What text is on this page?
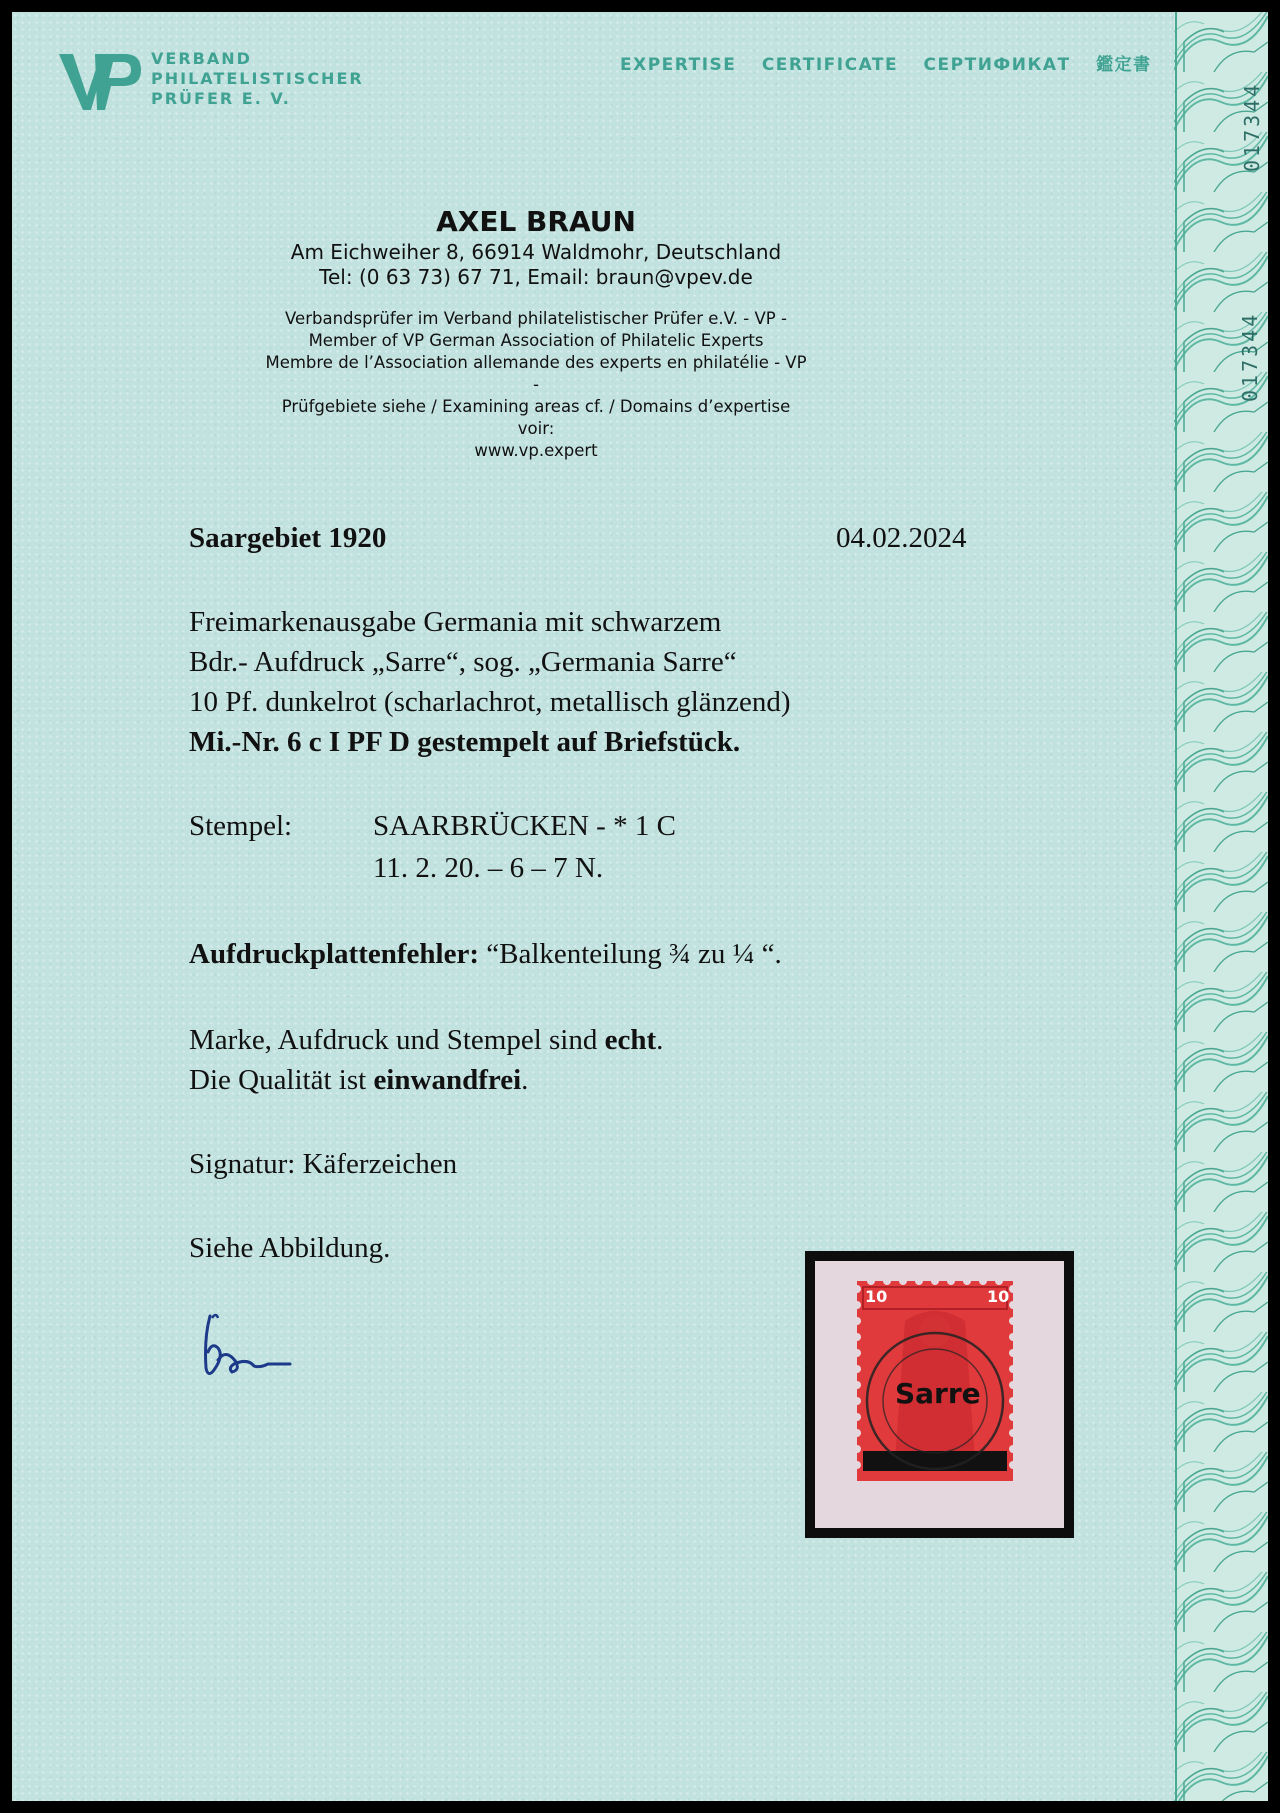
017344
017344
VERBAND
PHILATELISTISCHER
PRÜFER E. V.
EXPERTISE CERTIFICATE СЕРТИФИКАТ 鑑定書
AXEL BRAUN
Am Eichweiher 8, 66914 Waldmohr, Deutschland
Tel: (0 63 73) 67 71, Email: braun@vpev.de
Verbandsprüfer im Verband philatelistischer Prüfer e.V. - VP -
Member of VP German Association of Philatelic Experts
Membre de l’Association allemande des experts en philatélie - VP -
Prüfgebiete siehe / Examining areas cf. / Domains d’expertise voir:
www.vp.expert
Saargebiet 1920	04.02.2024
Freimarkenausgabe Germania mit schwarzem
Bdr.- Aufdruck „Sarre“, sog. „Germania Sarre“
10 Pf. dunkelrot (scharlachrot, metallisch glänzend)
Mi.-Nr. 6 c I PF D gestempelt auf Briefstück.
Stempel:	SAARBRÜCKEN - * 1 C
11. 2. 20. – 6 – 7 N.
Aufdruckplattenfehler: “Balkenteilung ¾ zu ¼ “.
Marke, Aufdruck und Stempel sind echt.
Die Qualität ist einwandfrei.
Signatur: Käferzeichen
Siehe Abbildung.
10	10
Sarre
